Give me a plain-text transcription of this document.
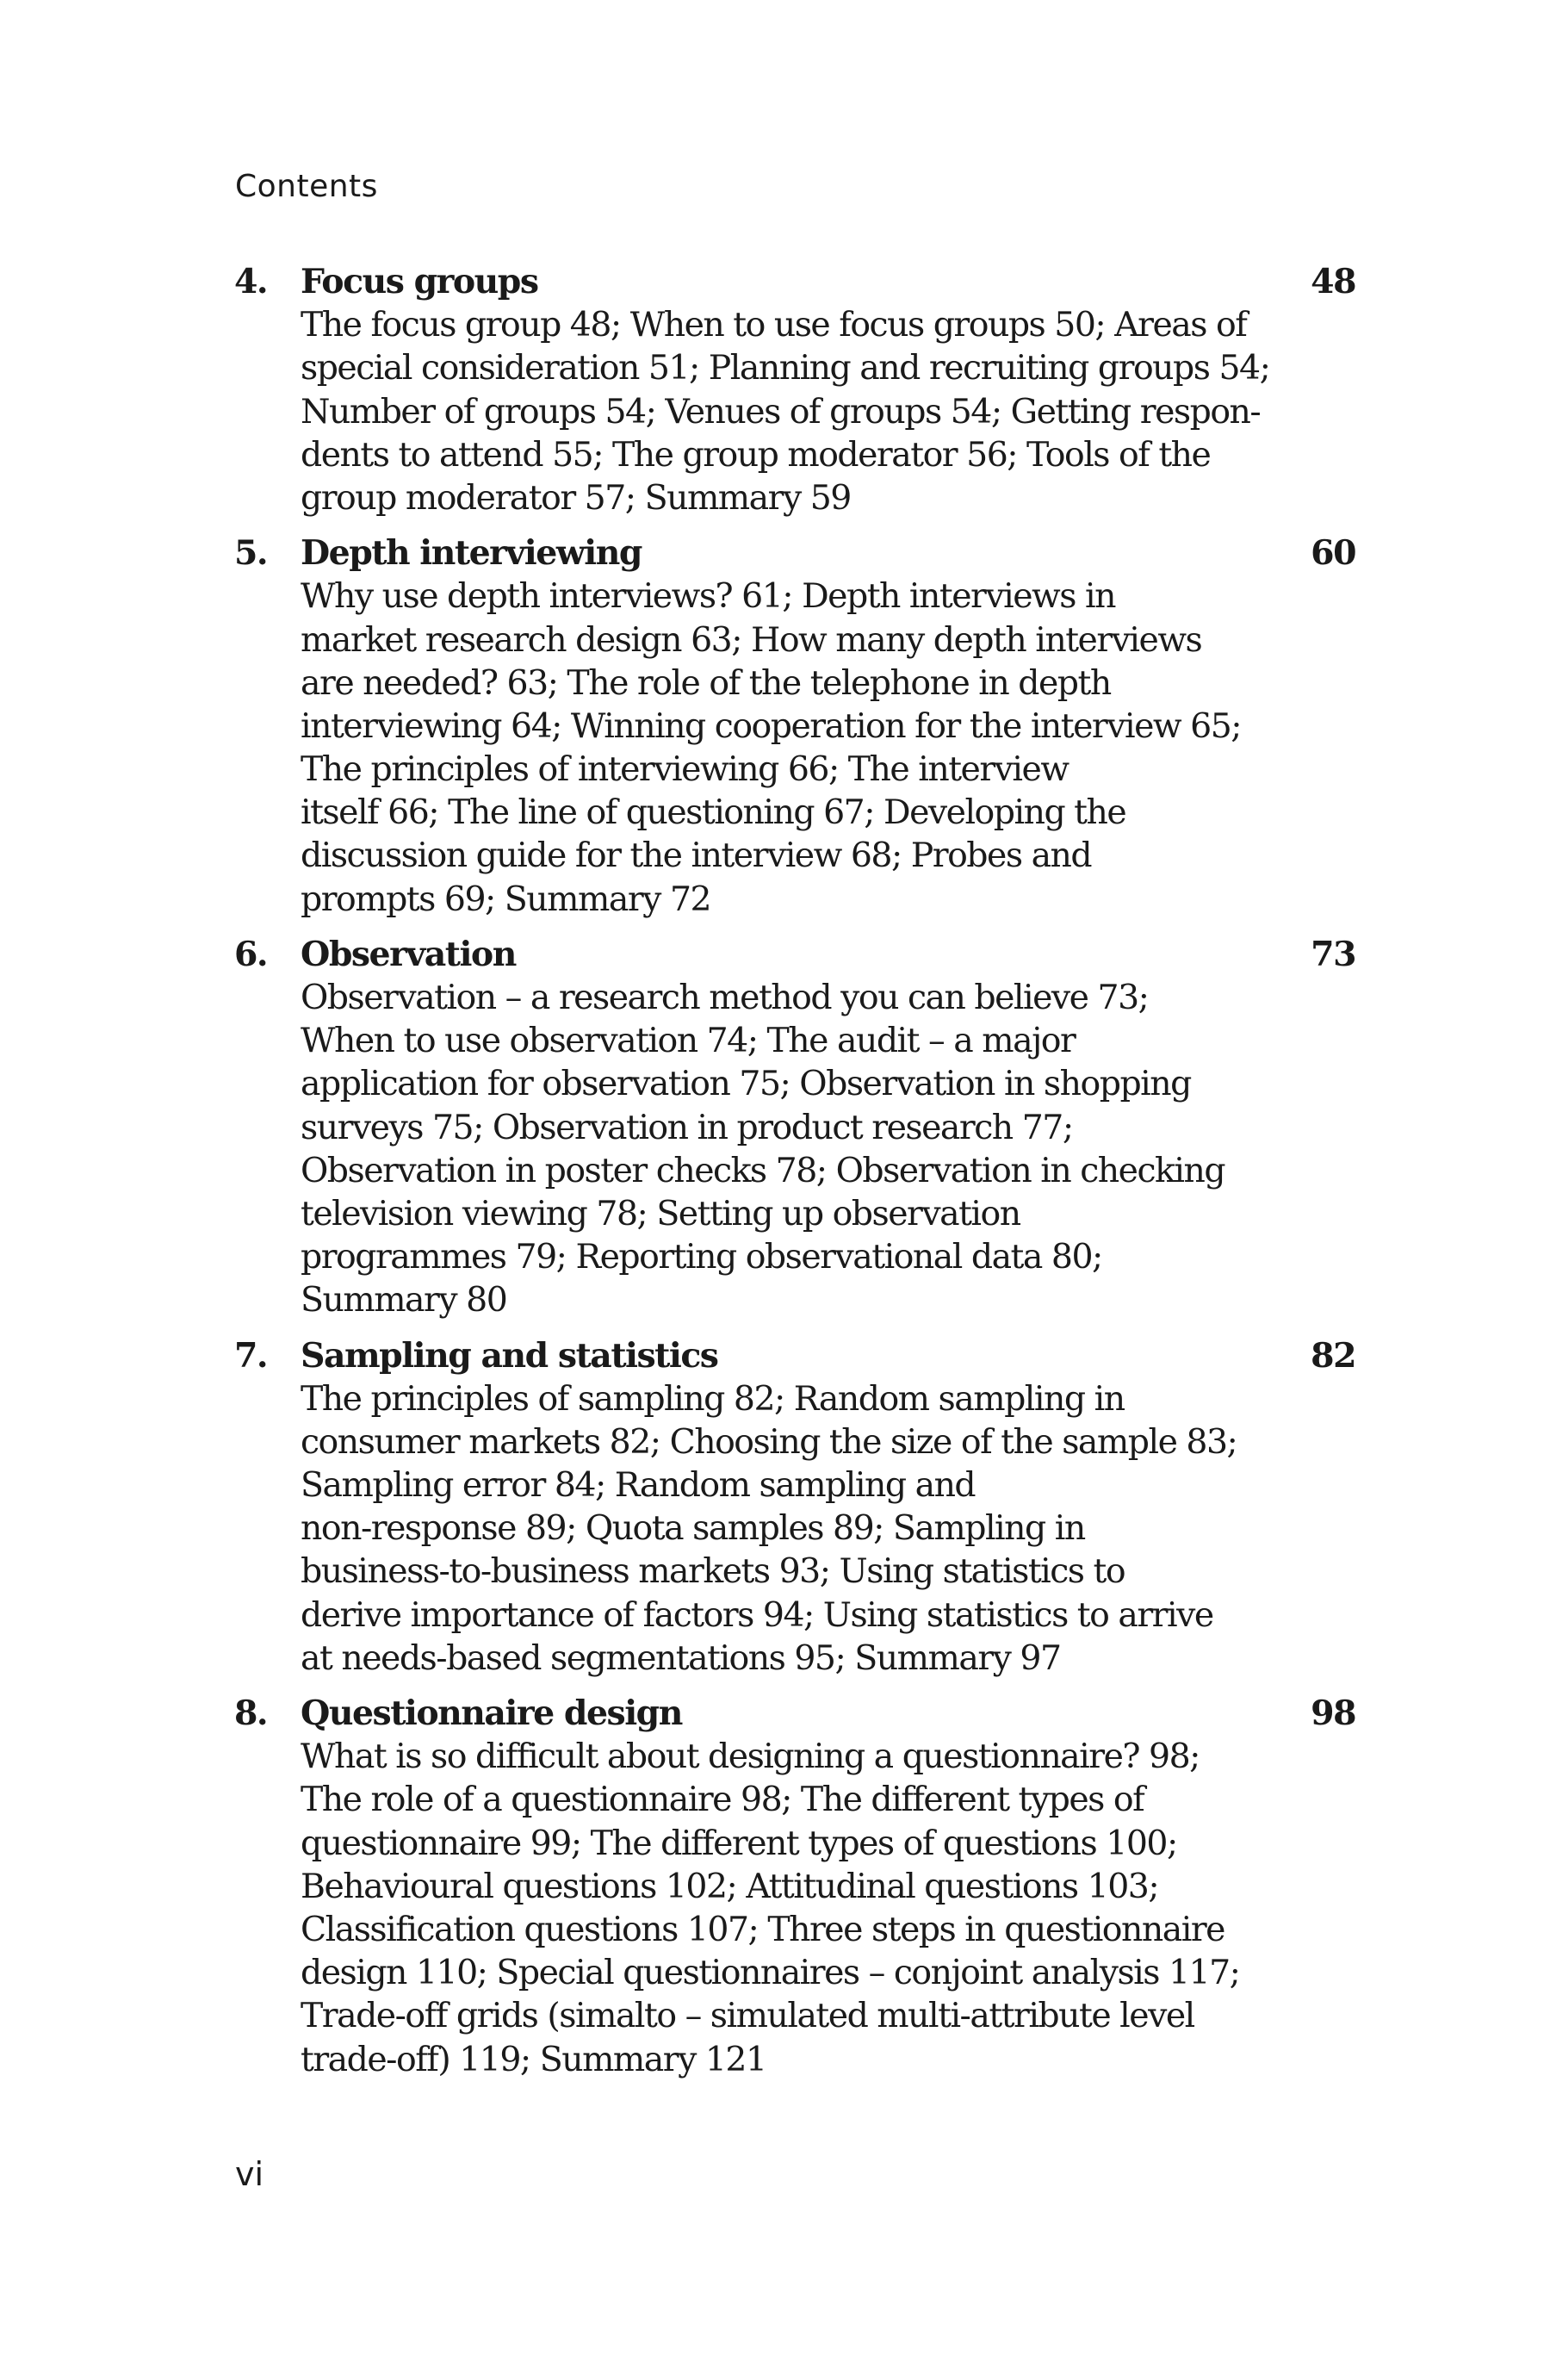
Contents
4. Focus groups	48
The focus group 48; When to use focus groups 50; Areas of
special consideration 51; Planning and recruiting groups 54;
Number of groups 54; Venues of groups 54; Getting respon-
dents to attend 55; The group moderator 56; Tools of the
group moderator 57; Summary 59
5. Depth interviewing	60
Why use depth interviews? 61; Depth interviews in
market research design 63; How many depth interviews
are needed? 63; The role of the telephone in depth
interviewing 64; Winning cooperation for the interview 65;
The principles of interviewing 66; The interview
itself 66; The line of questioning 67; Developing the
discussion guide for the interview 68; Probes and
prompts 69; Summary 72
6. Observation	73
Observation – a research method you can believe 73;
When to use observation 74; The audit – a major
application for observation 75; Observation in shopping
surveys 75; Observation in product research 77;
Observation in poster checks 78; Observation in checking
television viewing 78; Setting up observation
programmes 79; Reporting observational data 80;
Summary 80
7. Sampling and statistics	82
The principles of sampling 82; Random sampling in
consumer markets 82; Choosing the size of the sample 83;
Sampling error 84; Random sampling and
non-response 89; Quota samples 89; Sampling in
business-to-business markets 93; Using statistics to
derive importance of factors 94; Using statistics to arrive
at needs-based segmentations 95; Summary 97
8. Questionnaire design	98
What is so difficult about designing a questionnaire? 98;
The role of a questionnaire 98; The different types of
questionnaire 99; The different types of questions 100;
Behavioural questions 102; Attitudinal questions 103;
Classification questions 107; Three steps in questionnaire
design 110; Special questionnaires – conjoint analysis 117;
Trade-off grids (simalto – simulated multi-attribute level
trade-off) 119; Summary 121
vi
